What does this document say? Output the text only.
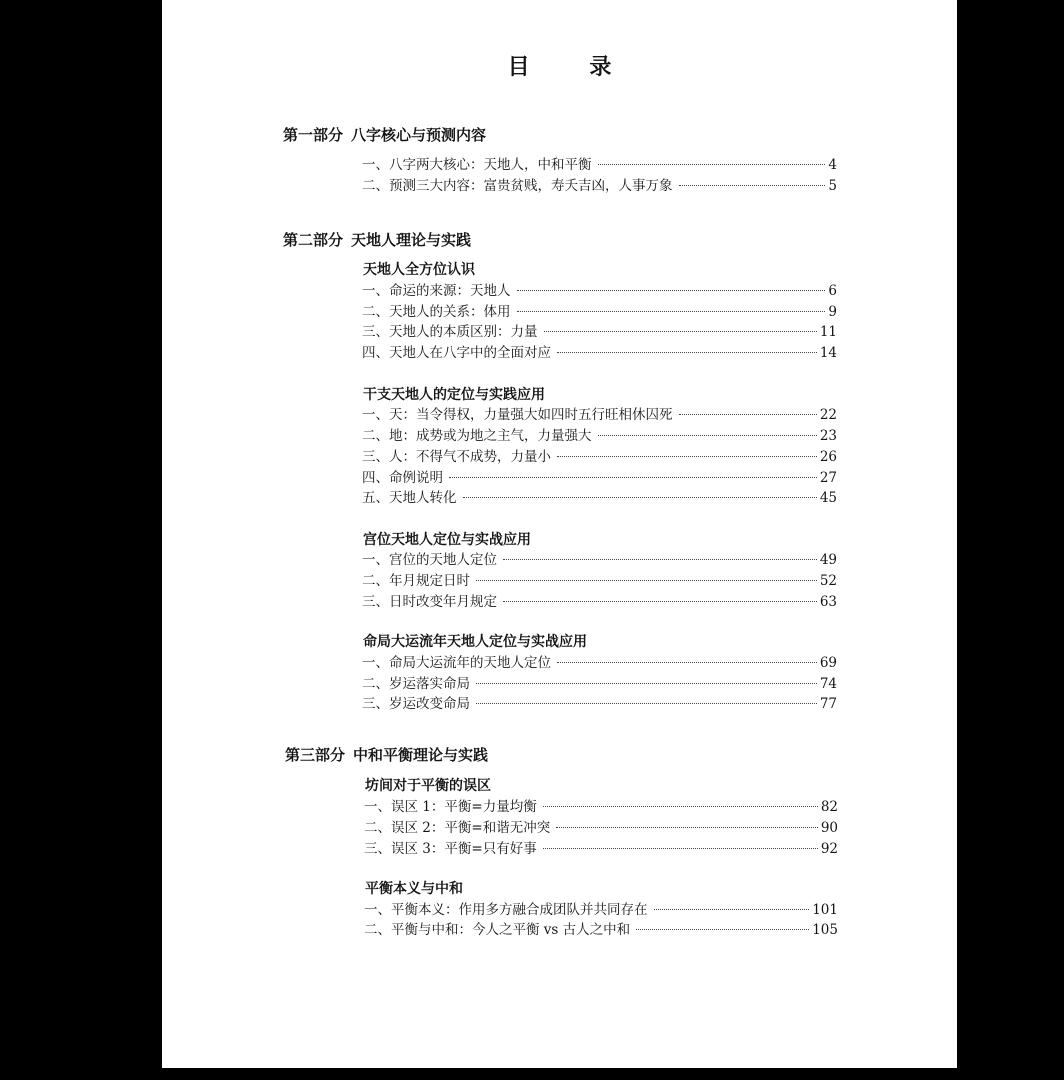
目 录
第一部分 八字核心与预测内容
一、八字两大核心：天地人，中和平衡	4
二、预测三大内容：富贵贫贱，寿夭吉凶，人事万象	5
第二部分 天地人理论与实践
天地人全方位认识
一、命运的来源：天地人	6
二、天地人的关系：体用	9
三、天地人的本质区别：力量	11
四、天地人在八字中的全面对应	14
干支天地人的定位与实践应用
一、天：当令得权，力量强大如四时五行旺相休囚死	22
二、地：成势或为地之主气，力量强大	23
三、人：不得气不成势，力量小	26
四、命例说明	27
五、天地人转化	45
宫位天地人定位与实战应用
一、宫位的天地人定位	49
二、年月规定日时	52
三、日时改变年月规定	63
命局大运流年天地人定位与实战应用
一、命局大运流年的天地人定位	69
二、岁运落实命局	74
三、岁运改变命局	77
第三部分 中和平衡理论与实践
坊间对于平衡的误区
一、误区 1：平衡=力量均衡	82
二、误区 2：平衡=和谐无冲突	90
三、误区 3：平衡=只有好事	92
平衡本义与中和
一、平衡本义：作用多方融合成团队并共同存在	101
二、平衡与中和：今人之平衡 vs 古人之中和	105
